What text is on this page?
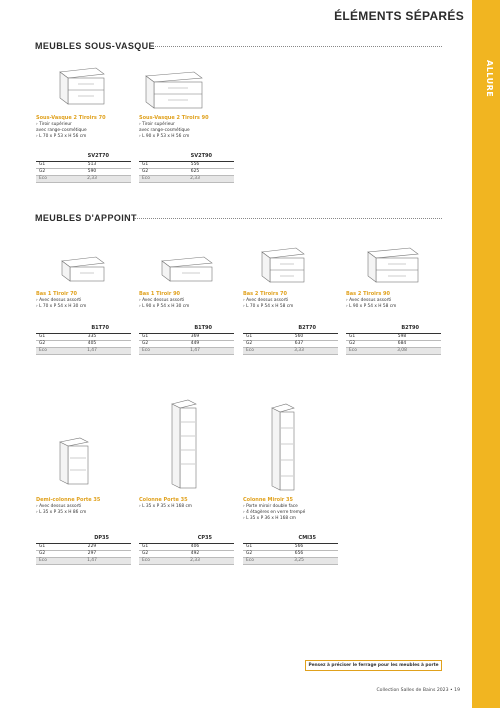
ALLURE
ÉLÉMENTS SÉPARÉS
MEUBLES SOUS-VASQUE
MEUBLES D'APPOINT
Sous-Vasque 2 Tiroirs 70
› Tiroir supérieur
avec range-cosmétique
› L 70 x P 53 x H 56 cm
Sous-Vasque 2 Tiroirs 90
› Tiroir supérieur
avec range-cosmétique
› L 90 x P 53 x H 56 cm
Bas 1 Tiroir 70
› Avec dessus assorti
› L 70 x P 54 x H 30 cm
Bas 1 Tiroir 90
› Avec dessus assorti
› L 90 x P 54 x H 30 cm
Bas 2 Tiroirs 70
› Avec dessus assorti
› L 70 x P 54 x H 58 cm
Bas 2 Tiroirs 90
› Avec dessus assorti
› L 90 x P 54 x H 58 cm
Demi-colonne Porte 35
› Avec dessus assorti
› L 35 x P 35 x H 86 cm
Colonne Porte 35
› L 35 x P 35 x H 168 cm
Colonne Miroir 35
› Porte miroir double face
› 4 étagères en verre trempé
› L 35 x P 36 x H 168 cm
SV2T70
G1	513
G2	590
Eco	2,33
SV2T90
G1	556
G2	625
Eco	2,33
B1T70
G1	335
G2	405
Eco	1,47
B1T90
G1	369
G2	449
Eco	1,47
B2T70
G1	560
G2	637
Eco	3,33
B2T90
G1	598
G2	684
Eco	3,08
DP35
G1	229
G2	297
Eco	1,47
CP35
G1	406
G2	492
Eco	2,33
CMI35
G1	566
G2	656
Eco	3,25
Pensez à préciser le ferrage pour les meubles à porte
Collection Salles de Bains 2023 • 19
